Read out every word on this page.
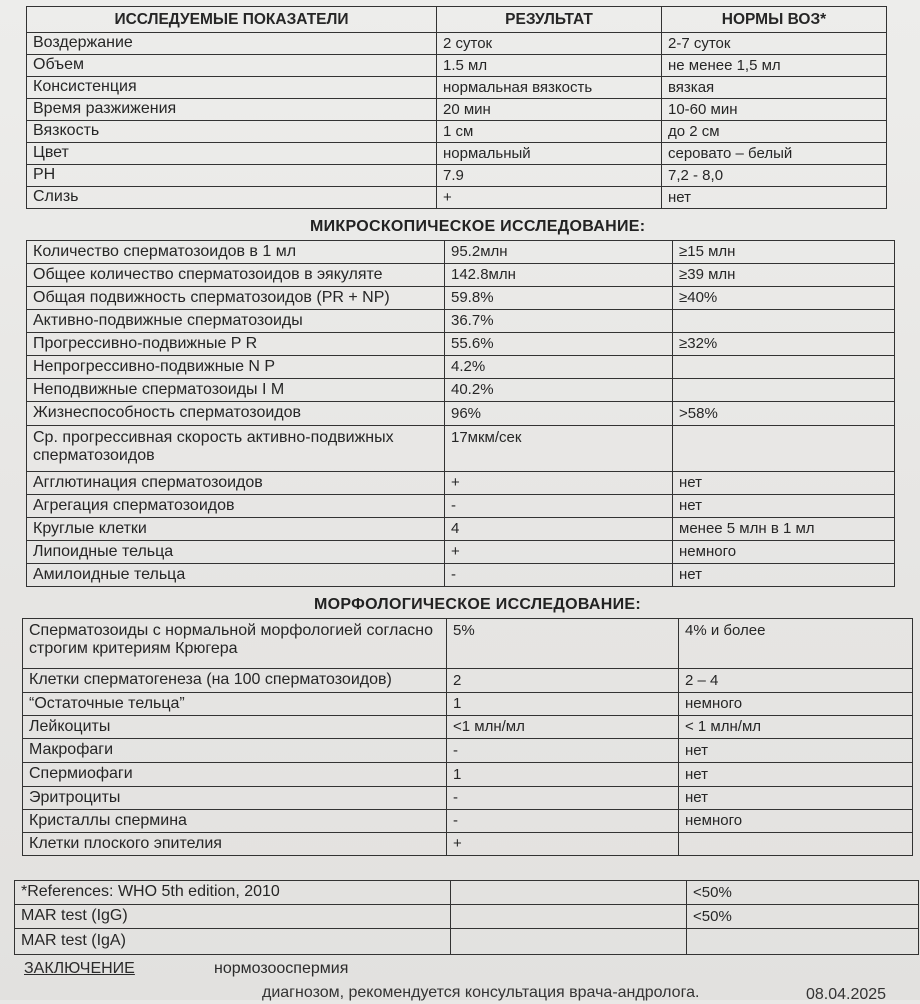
ИССЛЕДУЕМЫЕ ПОКАЗАТЕЛИ	РЕЗУЛЬТАТ	НОРМЫ ВОЗ*
Воздержание	2 суток	2-7 суток
Объем	1.5 мл	не менее 1,5 мл
Консистенция	нормальная вязкость	вязкая
Время разжижения	20 мин	10-60 мин
Вязкость	1 см	до 2 см
Цвет	нормальный	серовато – белый
PH	7.9	7,2 - 8,0
Слизь	+	нет
МИКРОСКОПИЧЕСКОЕ ИССЛЕДОВАНИЕ:
Количество сперматозоидов в 1 мл	95.2млн	≥15 млн
Общее количество сперматозоидов в эякуляте	142.8млн	≥39 млн
Общая подвижность сперматозоидов (PR + NP)	59.8%	≥40%
Активно-подвижные сперматозоиды	36.7%	
Прогрессивно-подвижные P R	55.6%	≥32%
Непрогрессивно-подвижные N P	4.2%	
Неподвижные сперматозоиды I M	40.2%	
Жизнеспособность сперматозоидов	96%	>58%
Ср. прогрессивная скорость активно-подвижных сперматозоидов	17мкм/сек	
Агглютинация сперматозоидов	+	нет
Агрегация сперматозоидов	-	нет
Круглые клетки	4	менее 5 млн в 1 мл
Липоидные тельца	+	немного
Амилоидные тельца	-	нет
МОРФОЛОГИЧЕСКОЕ ИССЛЕДОВАНИЕ:
Сперматозоиды с нормальной морфологией согласно строгим критериям Крюгера	5%	4% и более
Клетки сперматогенеза (на 100 сперматозоидов)	2	2 – 4
“Остаточные тельца”	1	немного
Лейкоциты	<1 млн/мл	< 1 млн/мл
Макрофаги	-	нет
Спермиофаги	1	нет
Эритроциты	-	нет
Кристаллы спермина	-	немного
Клетки плоского эпителия	+	
*References: WHO 5th edition, 2010		<50%
MAR test (IgG)		<50%
MAR test (IgA)		
ЗАКЛЮЧЕНИЕ	нормозооспермия
диагнозом, рекомендуется консультация врача-андролога.	08.04.2025
